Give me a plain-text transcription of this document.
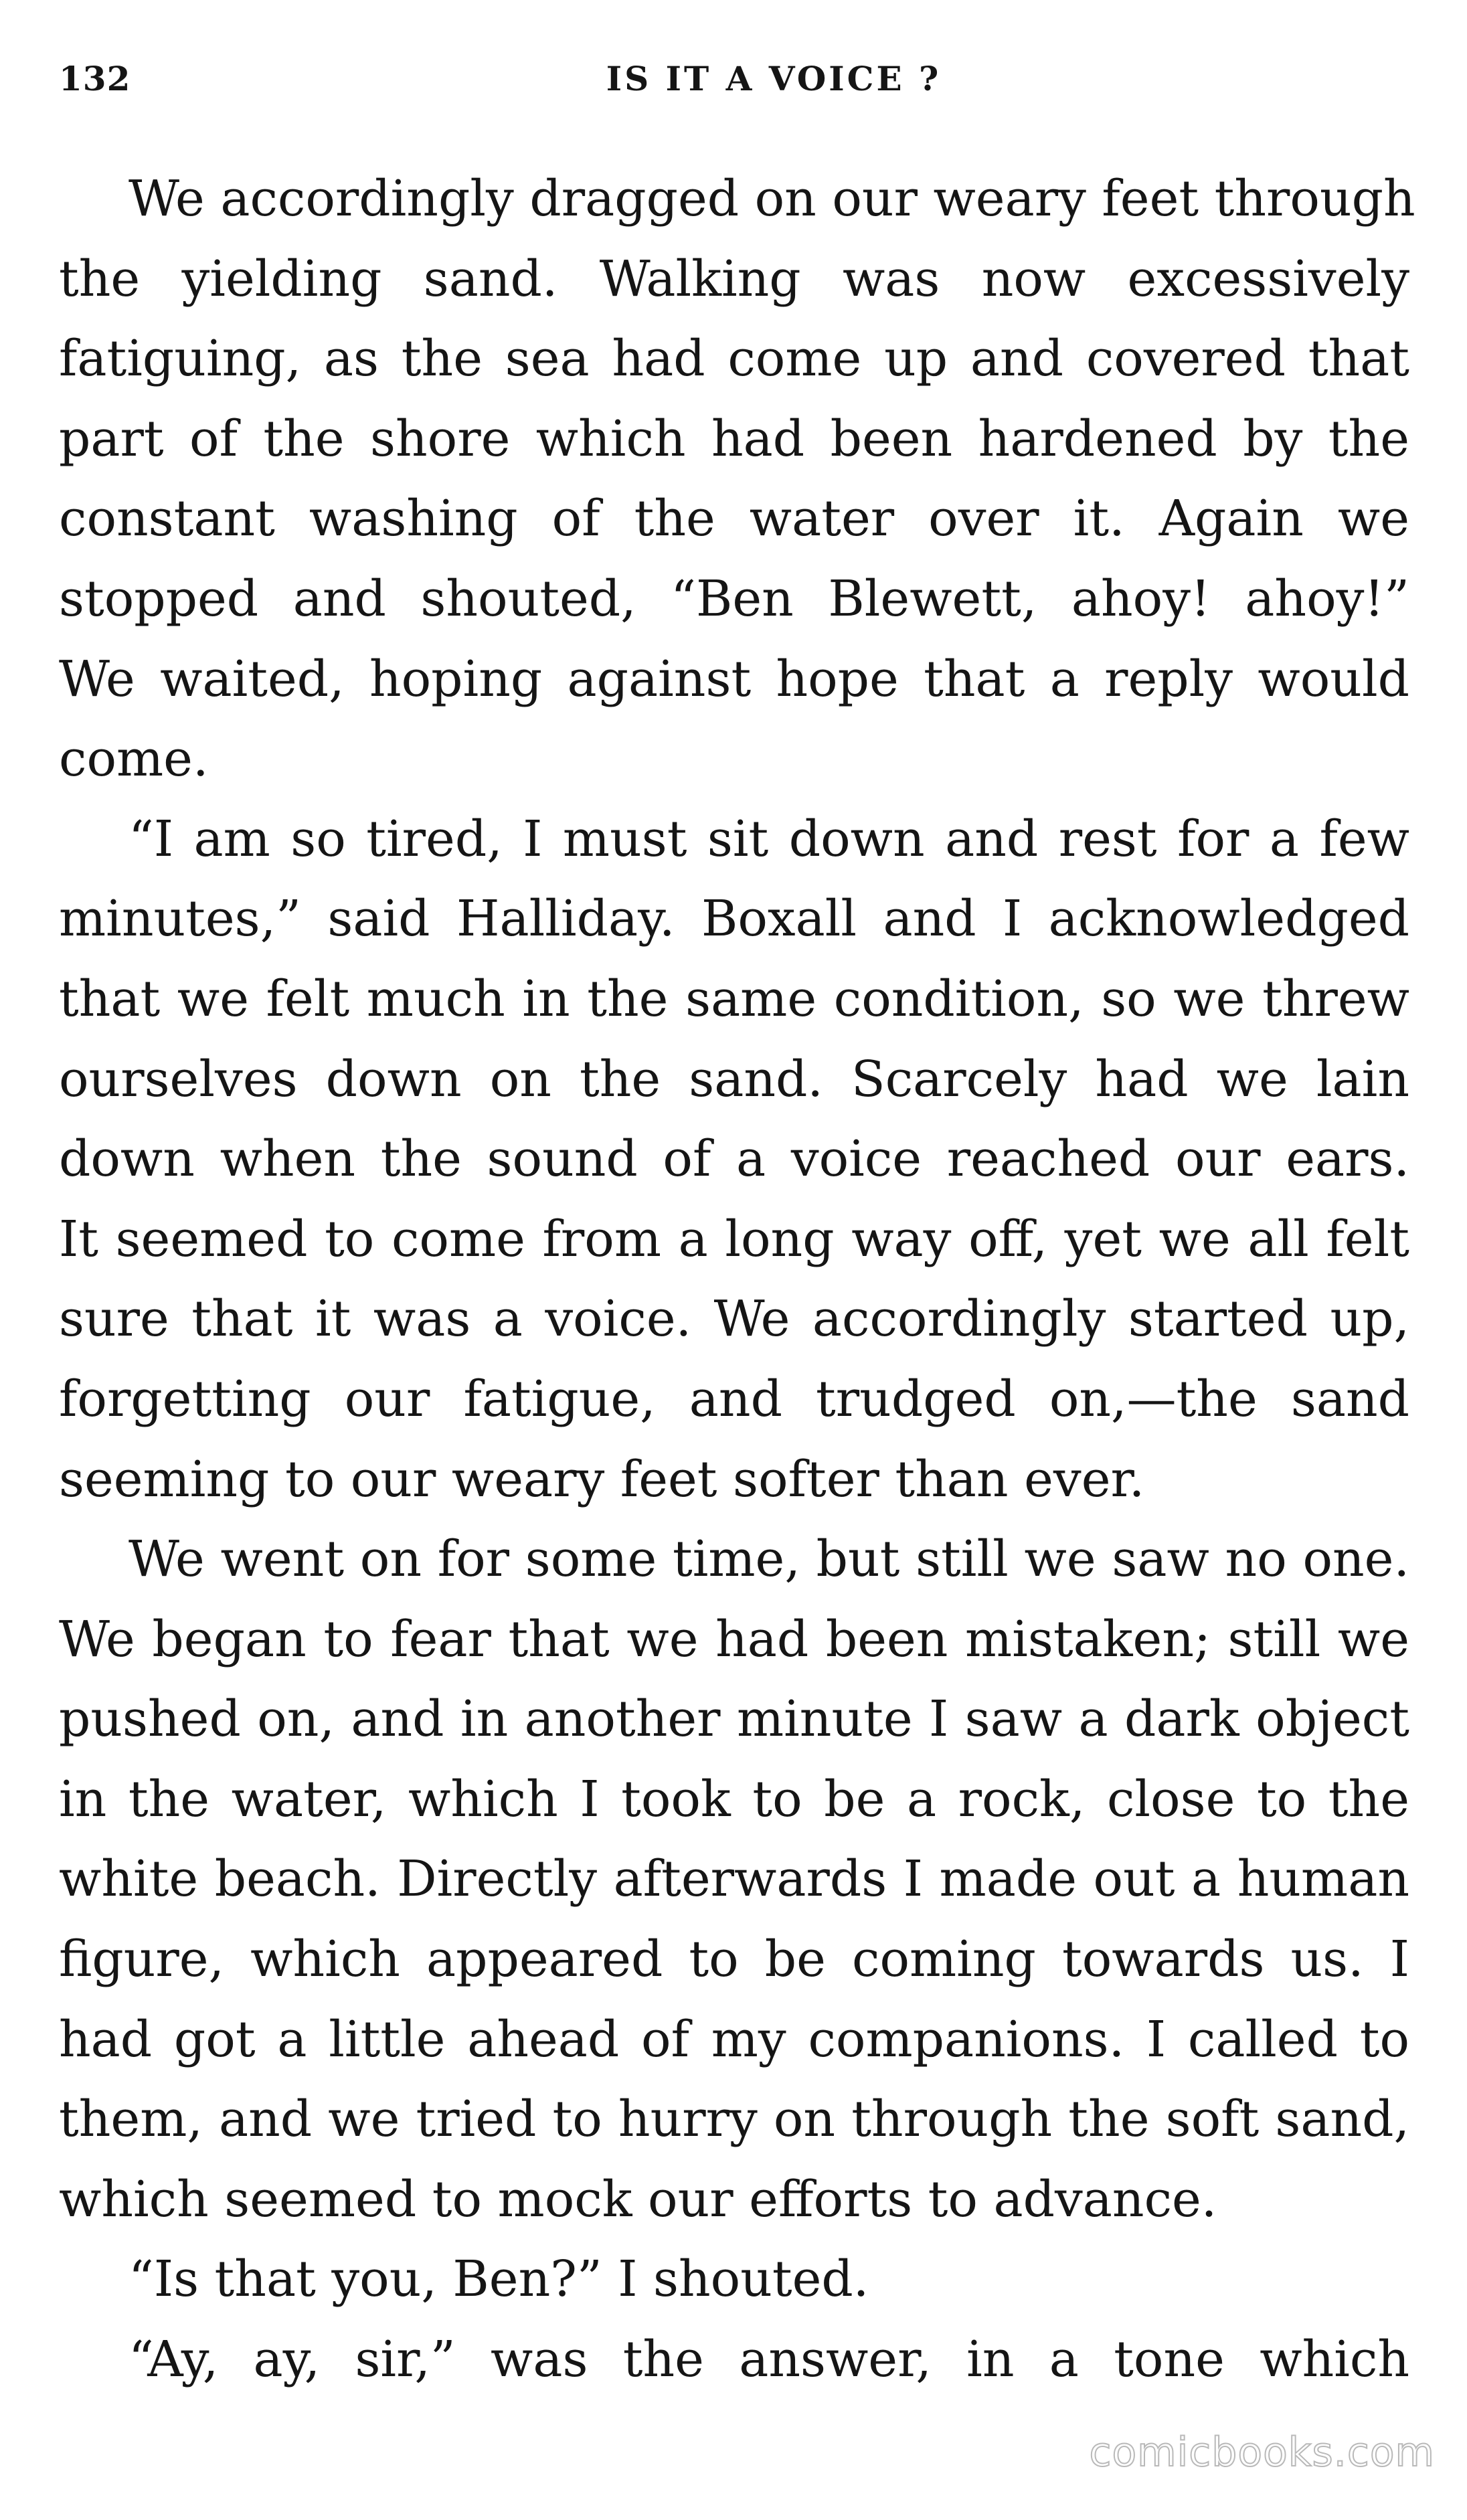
132	IS IT A VOICE ?
We accordingly dragged on our weary feet through
the yielding sand. Walking was now excessively
fatiguing, as the sea had come up and covered that
part of the shore which had been hardened by the
constant washing of the water over it. Again we
stopped and shouted, “Ben Blewett, ahoy! ahoy!”
We waited, hoping against hope that a reply would
come.
“I am so tired, I must sit down and rest for a few
minutes,” said Halliday. Boxall and I acknowledged
that we felt much in the same condition, so we threw
ourselves down on the sand. Scarcely had we lain
down when the sound of a voice reached our ears.
It seemed to come from a long way off, yet we all felt
sure that it was a voice. We accordingly started up,
forgetting our fatigue, and trudged on,—the sand
seeming to our weary feet softer than ever.
We went on for some time, but still we saw no one.
We began to fear that we had been mistaken; still we
pushed on, and in another minute I saw a dark object
in the water, which I took to be a rock, close to the
white beach. Directly afterwards I made out a human
figure, which appeared to be coming towards us. I
had got a little ahead of my companions. I called to
them, and we tried to hurry on through the soft sand,
which seemed to mock our efforts to advance.
“Is that you, Ben?” I shouted.
“Ay, ay, sir,” was the answer, in a tone which
comicbooks.com
